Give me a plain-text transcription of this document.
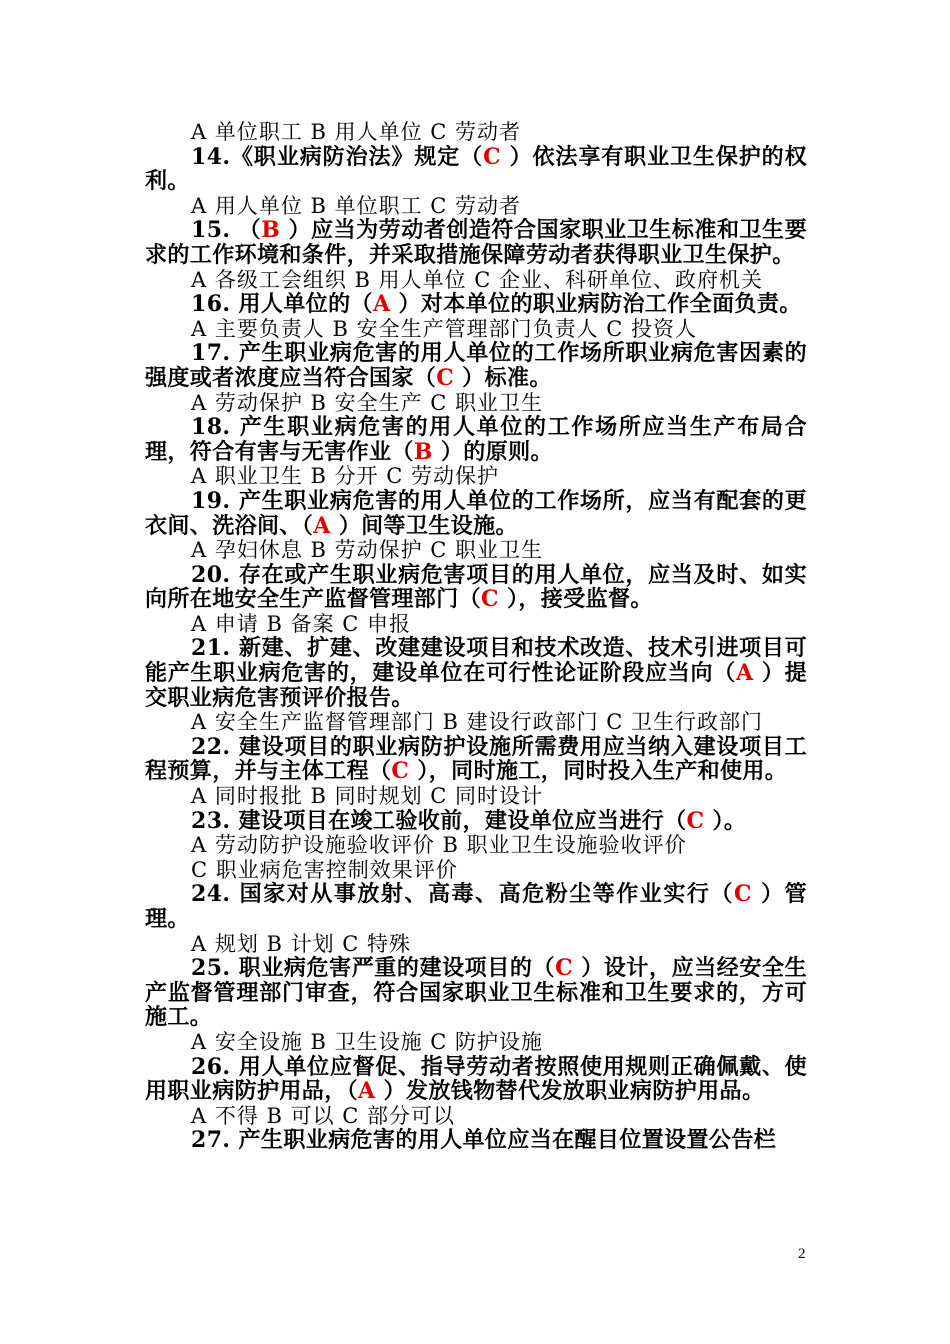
A 单位职工 B 用人单位 C 劳动者

14.《职业病防治法》规定（C ）依法享有职业卫生保护的权利。

A 用人单位 B 单位职工 C 劳动者

15. （B ）应当为劳动者创造符合国家职业卫生标准和卫生要求的工作环境和条件，并采取措施保障劳动者获得职业卫生保护。

A 各级工会组织 B 用人单位 C 企业、科研单位、政府机关

16. 用人单位的（A ）对本单位的职业病防治工作全面负责。

A 主要负责人 B 安全生产管理部门负责人 C 投资人

17. 产生职业病危害的用人单位的工作场所职业病危害因素的强度或者浓度应当符合国家（C ）标准。

A 劳动保护 B 安全生产 C 职业卫生

18. 产生职业病危害的用人单位的工作场所应当生产布局合理，符合有害与无害作业（B ）的原则。

A 职业卫生 B 分开 C 劳动保护

19. 产生职业病危害的用人单位的工作场所，应当有配套的更衣间、洗浴间、（A ）间等卫生设施。

A 孕妇休息 B 劳动保护 C 职业卫生

20. 存在或产生职业病危害项目的用人单位，应当及时、如实向所在地安全生产监督管理部门（C ），接受监督。

A 申请 B 备案 C 申报

21. 新建、扩建、改建建设项目和技术改造、技术引进项目可能产生职业病危害的，建设单位在可行性论证阶段应当向（A ）提交职业病危害预评价报告。

A 安全生产监督管理部门 B 建设行政部门 C 卫生行政部门

22. 建设项目的职业病防护设施所需费用应当纳入建设项目工程预算，并与主体工程（C ），同时施工，同时投入生产和使用。

A 同时报批 B 同时规划 C 同时设计

23. 建设项目在竣工验收前，建设单位应当进行（C ）。

A 劳动防护设施验收评价 B 职业卫生设施验收评价

C 职业病危害控制效果评价

24. 国家对从事放射、高毒、高危粉尘等作业实行（C ）管理。

A 规划 B 计划 C 特殊

25. 职业病危害严重的建设项目的（C ）设计，应当经安全生产监督管理部门审查，符合国家职业卫生标准和卫生要求的，方可施工。

A 安全设施 B 卫生设施 C 防护设施

26. 用人单位应督促、指导劳动者按照使用规则正确佩戴、使用职业病防护用品，（A ）发放钱物替代发放职业病防护用品。

A 不得 B 可以 C 部分可以

27. 产生职业病危害的用人单位应当在醒目位置设置公告栏

2
